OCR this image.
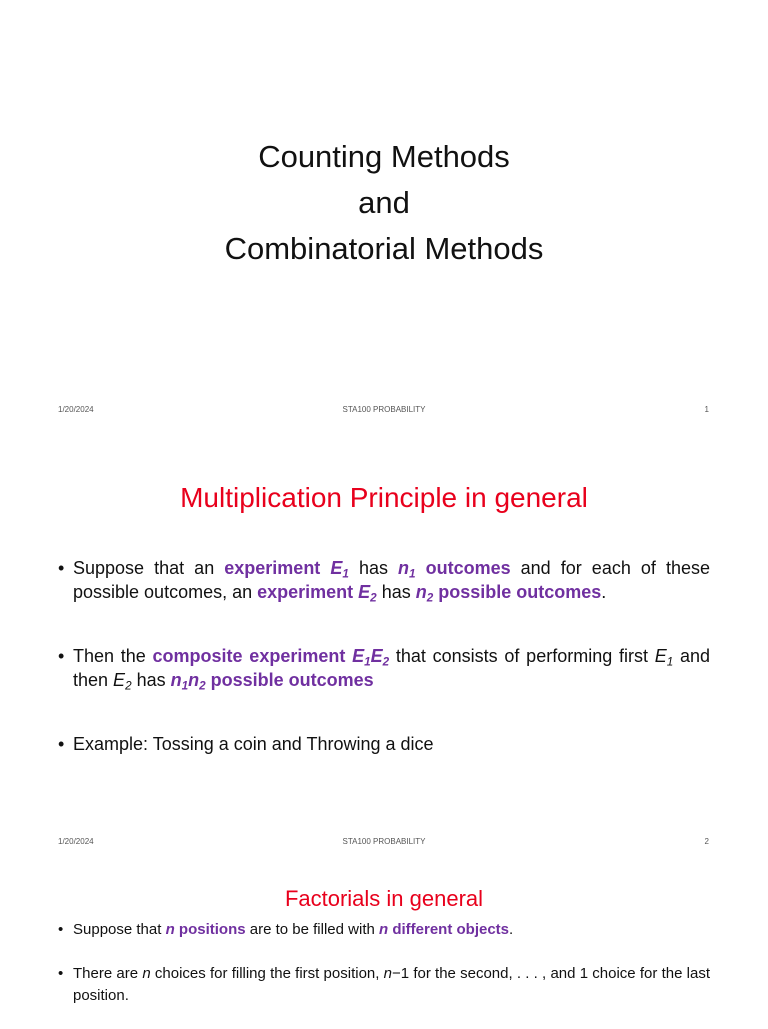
Counting Methods
and
Combinatorial Methods
1/20/2024	STA100 PROBABILITY	1
Multiplication Principle in general
• Suppose that an experiment $E_1$ has $n_1$ outcomes and for each of these possible outcomes, an experiment $E_2$ has $n_2$ possible outcomes.
• Then the composite experiment $E_1E_2$ that consists of performing first $E_1$ and then $E_2$ has $n_1n_2$ possible outcomes
• Example: Tossing a coin and Throwing a dice
1/20/2024	STA100 PROBABILITY	2
Factorials in general
• Suppose that n positions are to be filled with n different objects.
• There are n choices for filling the first position, n−1 for the second, . . . , and 1 choice for the last position.
